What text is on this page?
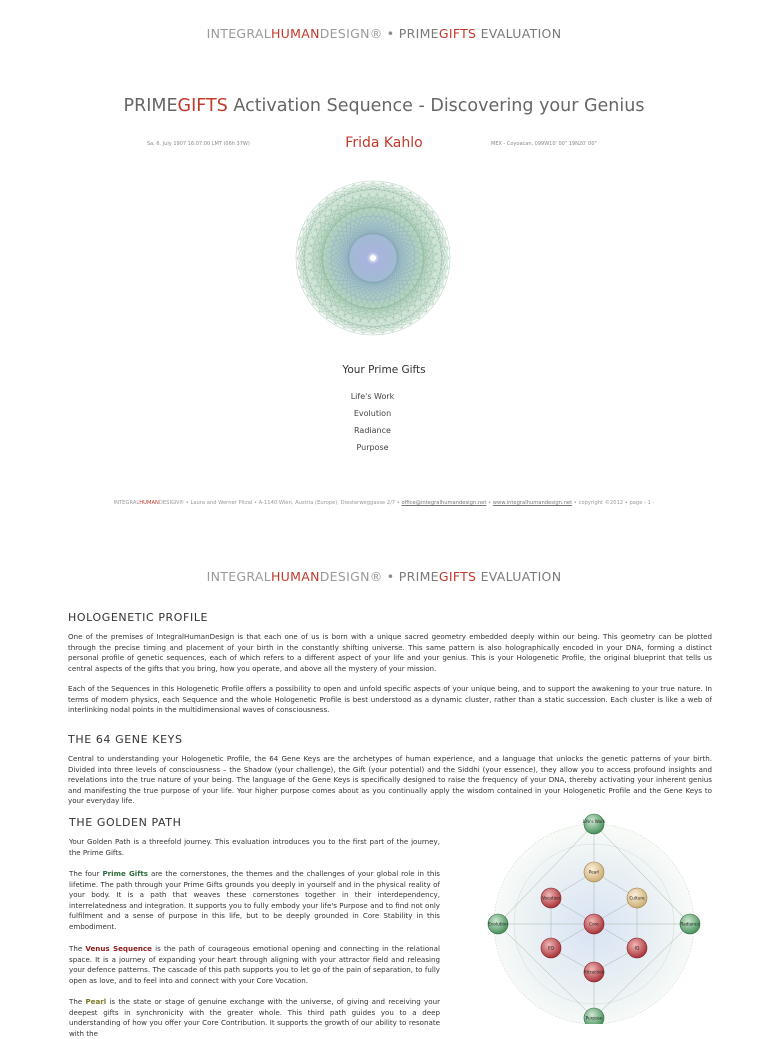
INTEGRALHUMANDESIGN® • PRIMEGIFTS EVALUATION
PRIMEGIFTS Activation Sequence - Discovering your Genius
Sa, 6. July 1907 16:07:00 LMT (06h 37W)	Frida Kahlo	MEX - Coyoacan, 099W10' 00" 19N20' 00"
Your Prime Gifts
Life's Work
Evolution
Radiance
Purpose
INTEGRALHUMANDESIGN® • Laura and Werner Pitzal • A-1140 Wien, Austria (Europe), Diesterweggasse 2/7 • office@integralhumandesign.net • www.integralhumandesign.net • copyright ©2012 • page - 1 -
INTEGRALHUMANDESIGN® • PRIMEGIFTS EVALUATION
HOLOGENETIC PROFILE
One of the premises of IntegralHumanDesign is that each one of us is born with a unique sacred geometry embedded deeply within our being. This geometry can be plotted through the precise timing and placement of your birth in the constantly shifting universe. This same pattern is also holographically encoded in your DNA, forming a distinct personal profile of genetic sequences, each of which refers to a different aspect of your life and your genius. This is your Hologenetic Profile, the original blueprint that tells us central aspects of the gifts that you bring, how you operate, and above all the mystery of your mission.
Each of the Sequences in this Hologenetic Profile offers a possibility to open and unfold specific aspects of your unique being, and to support the awakening to your true nature. In terms of modern physics, each Sequence and the whole Hologenetic Profile is best understood as a dynamic cluster, rather than a static succession. Each cluster is like a web of interlinking nodal points in the multidimensional waves of consciousness.
THE 64 GENE KEYS
Central to understanding your Hologenetic Profile, the 64 Gene Keys are the archetypes of human experience, and a language that unlocks the genetic patterns of your birth. Divided into three levels of consciousness – the Shadow (your challenge), the Gift (your potential) and the Siddhi (your essence), they allow you to access profound insights and revelations into the true nature of your being. The language of the Gene Keys is specifically designed to raise the frequency of your DNA, thereby activating your inherent genius and manifesting the true purpose of your life. Your higher purpose comes about as you continually apply the wisdom contained in your Hologenetic Profile and the Gene Keys to your everyday life.
THE GOLDEN PATH
Your Golden Path is a threefold journey. This evaluation introduces you to the first part of the journey, the Prime Gifts.
The four Prime Gifts are the cornerstones, the themes and the challenges of your global role in this lifetime. The path through your Prime Gifts grounds you deeply in yourself and in the physical reality of your body. It is a path that weaves these cornerstones together in their interdependency, interrelatedness and integration. It supports you to fully embody your life's Purpose and to find not only fulfilment and a sense of purpose in this life, but to be deeply grounded in Core Stability in this embodiment.
The Venus Sequence is the path of courageous emotional opening and connecting in the relational space. It is a journey of expanding your heart through aligning with your attractor field and releasing your defence patterns. The cascade of this path supports you to let go of the pain of separation, to fully open as love, and to feel into and connect with your Core Vocation.
The Pearl is the state or stage of genuine exchange with the universe, of giving and receiving your deepest gifts in synchronicity with the greater whole. This third path guides you to a deep understanding of how you offer your Core Contribution. It supports the growth of our ability to resonate with the
Life's Work
Evolution	Radiance
Purpose
Pearl
Culture
Vocation
IQ
EQ
Core
Attraction
